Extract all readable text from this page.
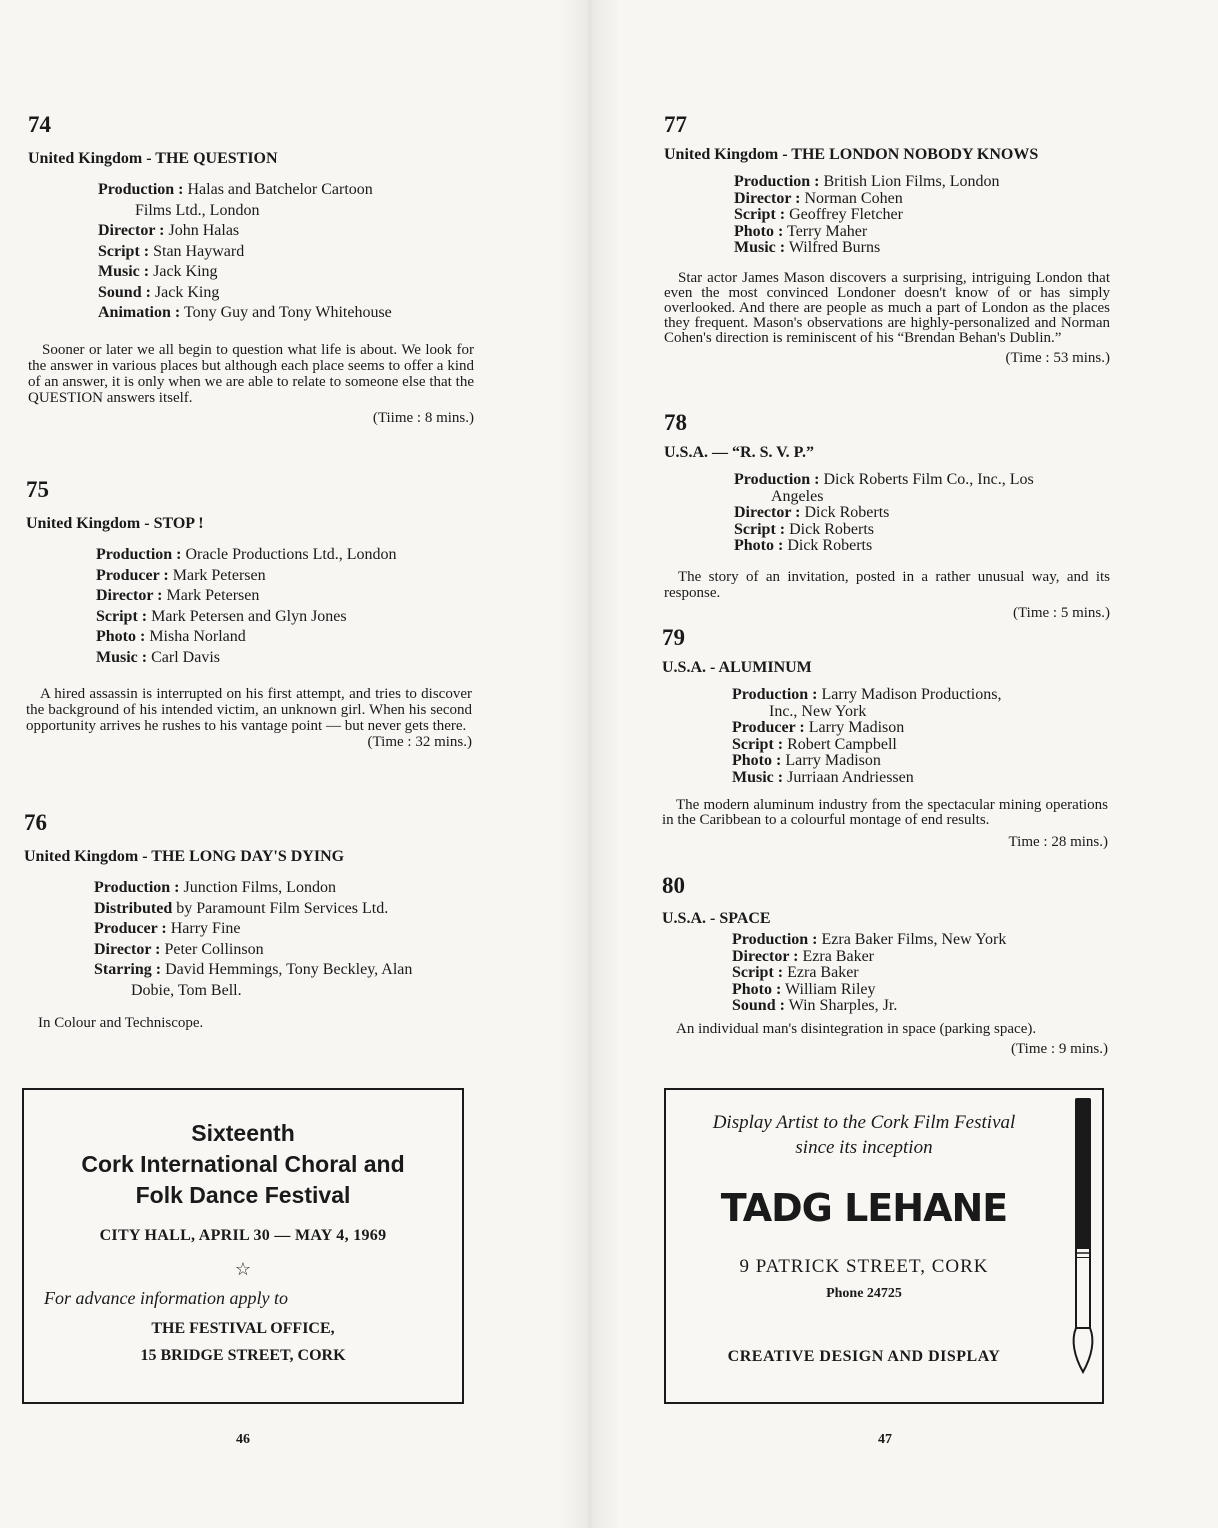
74
United Kingdom - THE QUESTION
Production : Halas and Batchelor Cartoon
Films Ltd., London
Director : John Halas
Script : Stan Hayward
Music : Jack King
Sound : Jack King
Animation : Tony Guy and Tony Whitehouse
Sooner or later we all begin to question what life is about. We look for the answer in various places but although each place seems to offer a kind of an answer, it is only when we are able to relate to someone else that the QUESTION answers itself.
(Tiime : 8 mins.)
75
United Kingdom - STOP !
Production : Oracle Productions Ltd., London
Producer : Mark Petersen
Director : Mark Petersen
Script : Mark Petersen and Glyn Jones
Photo : Misha Norland
Music : Carl Davis
A hired assassin is interrupted on his first attempt, and tries to discover the background of his intended victim, an unknown girl. When his second opportunity arrives he rushes to his vantage point — but never gets there.
(Time : 32 mins.)
76
United Kingdom - THE LONG DAY'S DYING
Production : Junction Films, London
Distributed by Paramount Film Services Ltd.
Producer : Harry Fine
Director : Peter Collinson
Starring : David Hemmings, Tony Beckley, Alan
Dobie, Tom Bell.
In Colour and Techniscope.
Sixteenth
Cork International Choral and
Folk Dance Festival
CITY HALL, APRIL 30 — MAY 4, 1969
☆
For advance information apply to
THE FESTIVAL OFFICE,
15 BRIDGE STREET, CORK
46
77
United Kingdom - THE LONDON NOBODY KNOWS
Production : British Lion Films, London
Director : Norman Cohen
Script : Geoffrey Fletcher
Photo : Terry Maher
Music : Wilfred Burns
Star actor James Mason discovers a surprising, intriguing London that even the most convinced Londoner doesn't know of or has simply overlooked. And there are people as much a part of London as the places they frequent. Mason's observations are highly-personalized and Norman Cohen's direction is reminiscent of his “Brendan Behan's Dublin.”
(Time : 53 mins.)
78
U.S.A. — “R. S. V. P.”
Production : Dick Roberts Film Co., Inc., Los
Angeles
Director : Dick Roberts
Script : Dick Roberts
Photo : Dick Roberts
The story of an invitation, posted in a rather unusual way, and its response.
(Time : 5 mins.)
79
U.S.A. - ALUMINUM
Production : Larry Madison Productions,
Inc., New York
Producer : Larry Madison
Script : Robert Campbell
Photo : Larry Madison
Music : Jurriaan Andriessen
The modern aluminum industry from the spectacular mining operations in the Caribbean to a colourful montage of end results.
Time : 28 mins.)
80
U.S.A. - SPACE
Production : Ezra Baker Films, New York
Director : Ezra Baker
Script : Ezra Baker
Photo : William Riley
Sound : Win Sharples, Jr.
An individual man's disintegration in space (parking space).
(Time : 9 mins.)
Display Artist to the Cork Film Festival
since its inception
TADG LEHANE
9 PATRICK STREET, CORK
Phone 24725
CREATIVE DESIGN AND DISPLAY
47
